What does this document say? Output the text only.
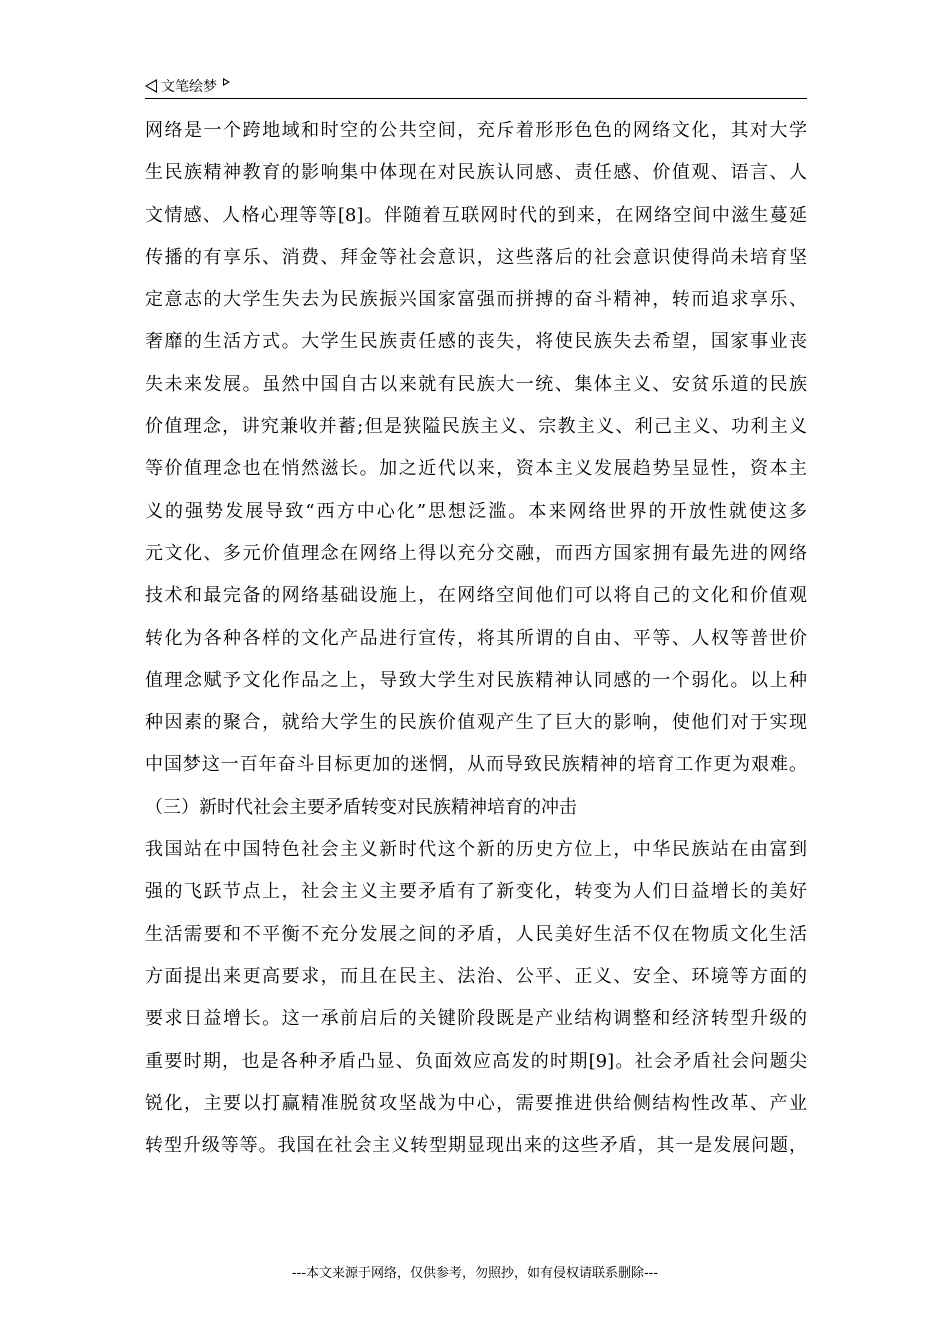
文笔绘梦
网络是一个跨地域和时空的公共空间，充斥着形形色色的网络文化，其对大学
生民族精神教育的影响集中体现在对民族认同感、责任感、价值观、语言、人
文情感、人格心理等等[8]。伴随着互联网时代的到来，在网络空间中滋生蔓延
传播的有享乐、消费、拜金等社会意识，这些落后的社会意识使得尚未培育坚
定意志的大学生失去为民族振兴国家富强而拼搏的奋斗精神，转而追求享乐、
奢靡的生活方式。大学生民族责任感的丧失，将使民族失去希望，国家事业丧
失未来发展。虽然中国自古以来就有民族大一统、集体主义、安贫乐道的民族
价值理念，讲究兼收并蓄;但是狭隘民族主义、宗教主义、利己主义、功利主义
等价值理念也在悄然滋长。加之近代以来，资本主义发展趋势呈显性，资本主
义的强势发展导致“西方中心化”思想泛滥。本来网络世界的开放性就使这多
元文化、多元价值理念在网络上得以充分交融，而西方国家拥有最先进的网络
技术和最完备的网络基础设施上，在网络空间他们可以将自己的文化和价值观
转化为各种各样的文化产品进行宣传，将其所谓的自由、平等、人权等普世价
值理念赋予文化作品之上，导致大学生对民族精神认同感的一个弱化。以上种
种因素的聚合，就给大学生的民族价值观产生了巨大的影响，使他们对于实现
中国梦这一百年奋斗目标更加的迷惘，从而导致民族精神的培育工作更为艰难。
（三）新时代社会主要矛盾转变对民族精神培育的冲击
我国站在中国特色社会主义新时代这个新的历史方位上，中华民族站在由富到
强的飞跃节点上，社会主义主要矛盾有了新变化，转变为人们日益增长的美好
生活需要和不平衡不充分发展之间的矛盾，人民美好生活不仅在物质文化生活
方面提出来更高要求，而且在民主、法治、公平、正义、安全、环境等方面的
要求日益增长。这一承前启后的关键阶段既是产业结构调整和经济转型升级的
重要时期，也是各种矛盾凸显、负面效应高发的时期[9]。社会矛盾社会问题尖
锐化，主要以打赢精准脱贫攻坚战为中心，需要推进供给侧结构性改革、产业
转型升级等等。我国在社会主义转型期显现出来的这些矛盾，其一是发展问题，
---本文来源于网络，仅供参考，勿照抄，如有侵权请联系删除---
